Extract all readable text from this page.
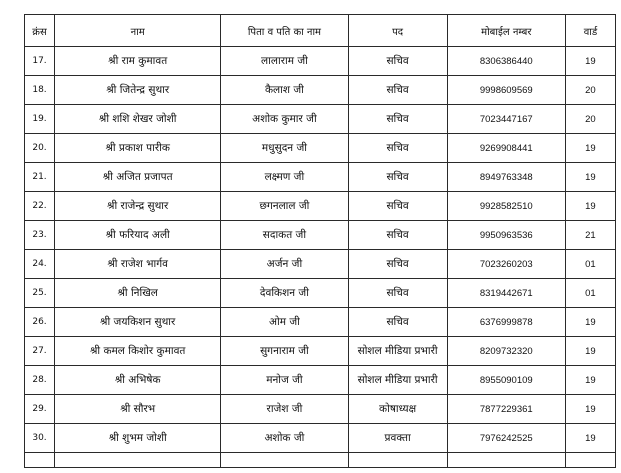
क्रंस	नाम	पिता व पति का नाम	पद	मोबाईल नम्बर	वार्ड
17.	श्री राम कुमावत	लालाराम जी	सचिव	8306386440	19
18.	श्री जितेन्द्र सुथार	कैलाश जी	सचिव	9998609569	20
19.	श्री शशि शेखर जोशी	अशोक कुमार जी	सचिव	7023447167	20
20.	श्री प्रकाश पारीक	मधुसुदन जी	सचिव	9269908441	19
21.	श्री अजित प्रजापत	लक्ष्मण जी	सचिव	8949763348	19
22.	श्री राजेन्द्र सुथार	छगनलाल जी	सचिव	9928582510	19
23.	श्री फरियाद अली	सदाकत जी	सचिव	9950963536	21
24.	श्री राजेश भार्गव	अर्जन जी	सचिव	7023260203	01
25.	श्री निखिल	देवकिशन जी	सचिव	8319442671	01
26.	श्री जयकिशन सुथार	ओम जी	सचिव	6376999878	19
27.	श्री कमल किशोर कुमावत	सुगनाराम जी	सोशल मीडिया प्रभारी	8209732320	19
28.	श्री अभिषेक	मनोज जी	सोशल मीडिया प्रभारी	8955090109	19
29.	श्री सौरभ	राजेश जी	कोषाध्यक्ष	7877229361	19
30.	श्री शुभम जोशी	अशोक जी	प्रवक्ता	7976242525	19
